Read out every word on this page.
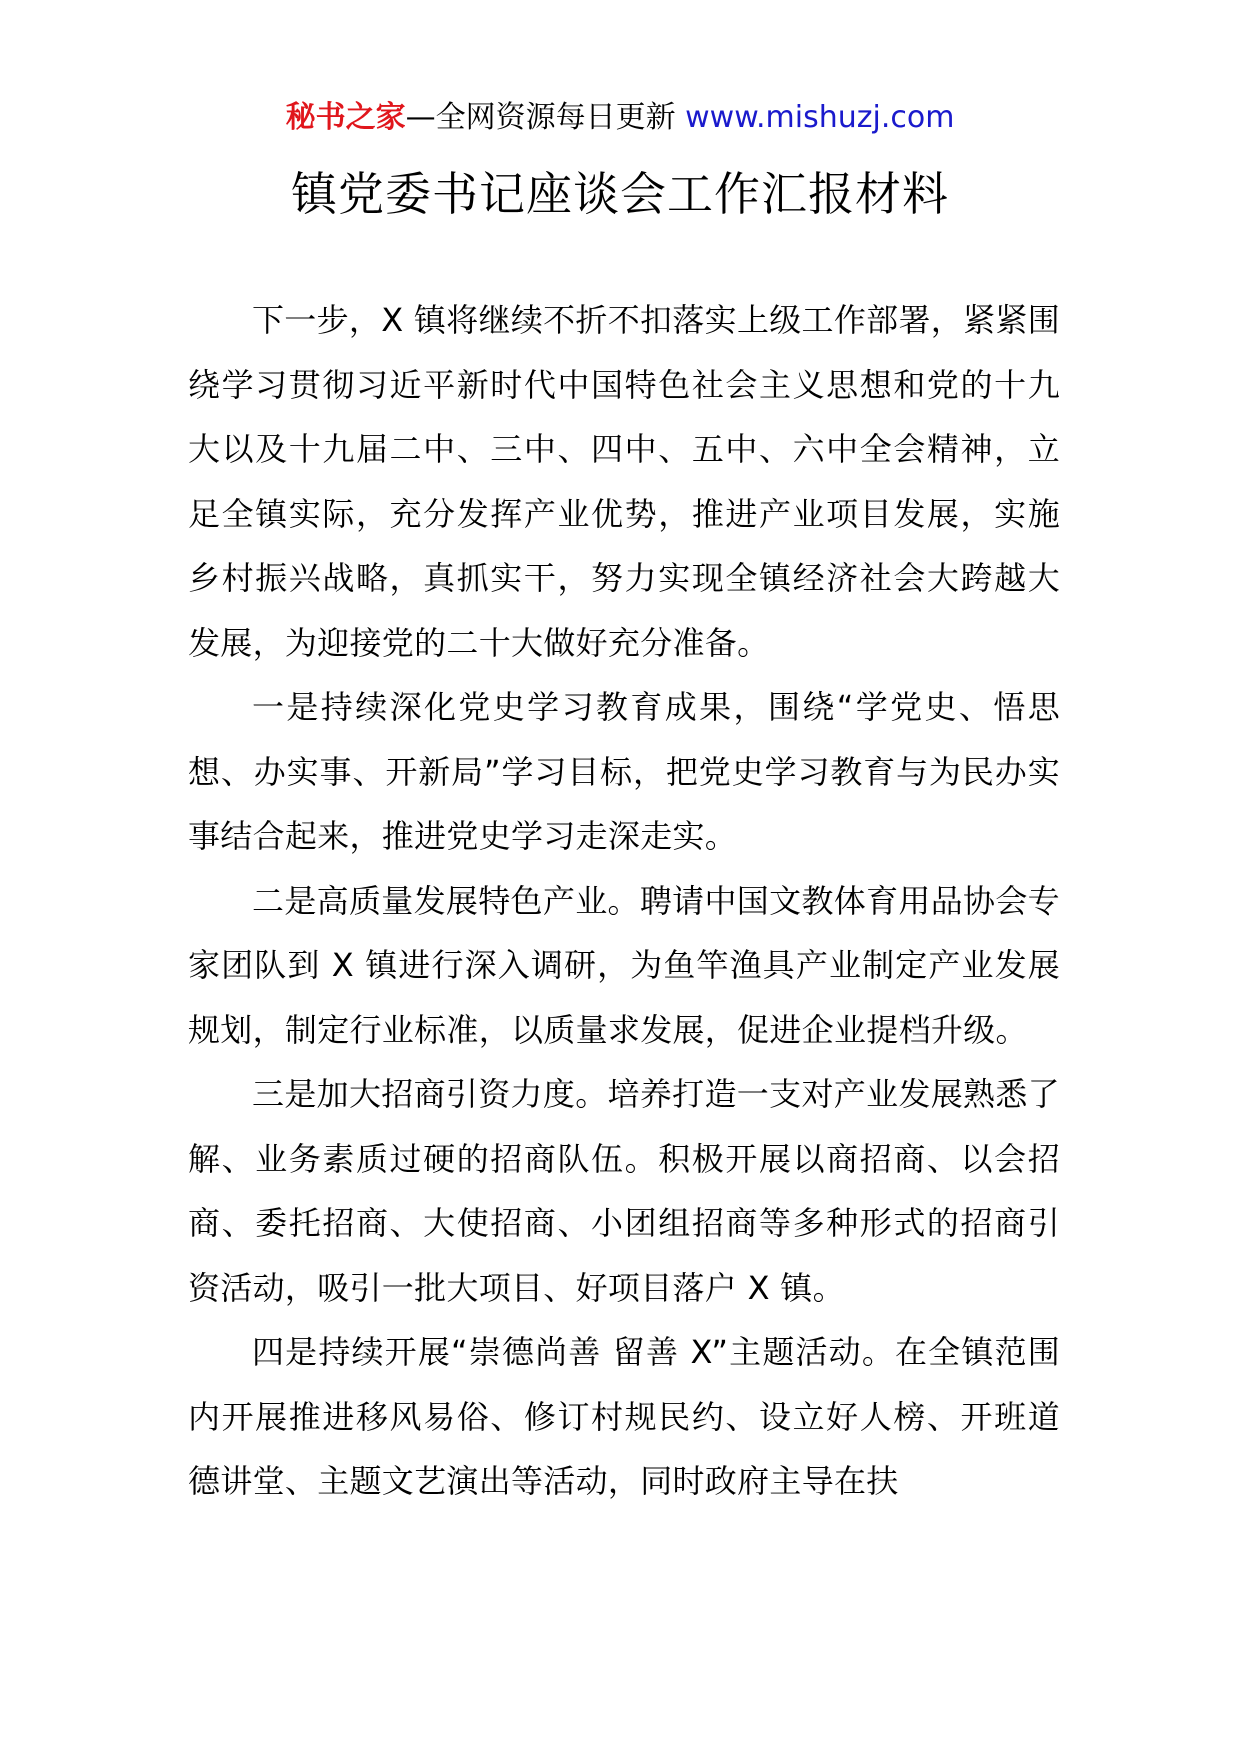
秘书之家—全网资源每日更新 www.mishuzj.com
镇党委书记座谈会工作汇报材料

下一步，X 镇将继续不折不扣落实上级工作部署，紧紧围绕学习贯彻习近平新时代中国特色社会主义思想和党的十九大以及十九届二中、三中、四中、五中、六中全会精神，立足全镇实际，充分发挥产业优势，推进产业项目发展，实施乡村振兴战略，真抓实干，努力实现全镇经济社会大跨越大发展，为迎接党的二十大做好充分准备。

一是持续深化党史学习教育成果，围绕“学党史、悟思想、办实事、开新局”学习目标，把党史学习教育与为民办实事结合起来，推进党史学习走深走实。

二是高质量发展特色产业。聘请中国文教体育用品协会专家团队到 X 镇进行深入调研，为鱼竿渔具产业制定产业发展规划，制定行业标准，以质量求发展，促进企业提档升级。

三是加大招商引资力度。培养打造一支对产业发展熟悉了解、业务素质过硬的招商队伍。积极开展以商招商、以会招商、委托招商、大使招商、小团组招商等多种形式的招商引资活动，吸引一批大项目、好项目落户 X 镇。

四是持续开展“崇德尚善 留善 X”主题活动。在全镇范围内开展推进移风易俗、修订村规民约、设立好人榜、开班道德讲堂、主题文艺演出等活动，同时政府主导在扶
